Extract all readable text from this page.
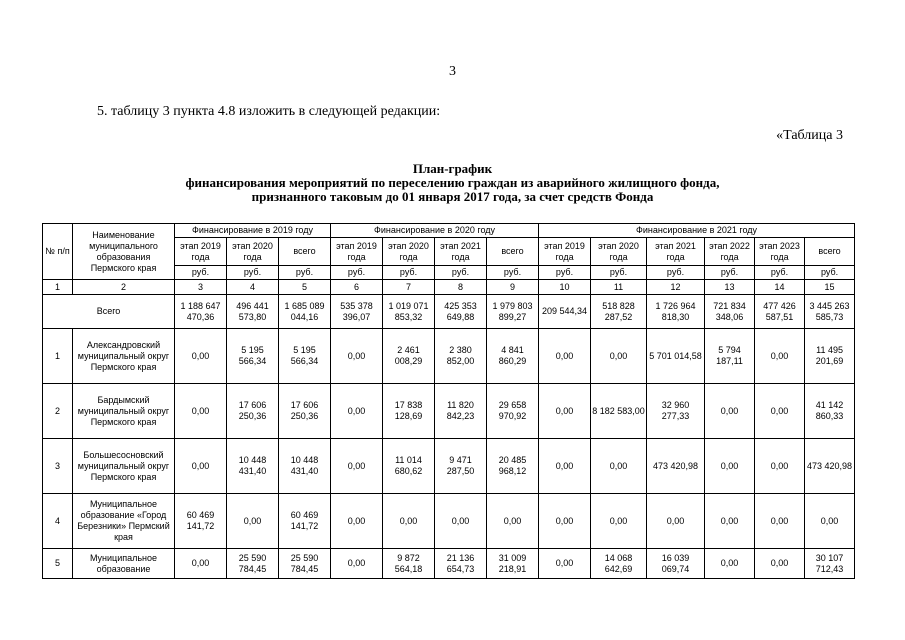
3
5. таблицу 3 пункта 4.8 изложить в следующей редакции:
«Таблица 3
План-график
финансирования мероприятий по переселению граждан из аварийного жилищного фонда,
признанного таковым до 01 января 2017 года, за счет средств Фонда
№ п/п	Наименование муниципального образования Пермского края	Финансирование в 2019 году			Финансирование в 2020 году				Финансирование в 2021 году					
		этап 2019 года	этап 2020 года	всего	этап 2019 года	этап 2020 года	этап 2021 года	всего	этап 2019 года	этап 2020 года	этап 2021 года	этап 2022 года	этап 2023 года	всего
		руб.	руб.	руб.	руб.	руб.	руб.	руб.	руб.	руб.	руб.	руб.	руб.	руб.
1	2	3	4	5	6	7	8	9	10	11	12	13	14	15
Всего		1 188 647 470,36	496 441 573,80	1 685 089 044,16	535 378 396,07	1 019 071 853,32	425 353 649,88	1 979 803 899,27	209 544,34	518 828 287,52	1 726 964 818,30	721 834 348,06	477 426 587,51	3 445 263 585,73
1	Александровский муниципальный округ Пермского края	0,00	5 195 566,34	5 195 566,34	0,00	2 461 008,29	2 380 852,00	4 841 860,29	0,00	0,00	5 701 014,58	5 794 187,11	0,00	11 495 201,69
2	Бардымский муниципальный округ Пермского края	0,00	17 606 250,36	17 606 250,36	0,00	17 838 128,69	11 820 842,23	29 658 970,92	0,00	8 182 583,00	32 960 277,33	0,00	0,00	41 142 860,33
3	Большесосновский муниципальный округ Пермского края	0,00	10 448 431,40	10 448 431,40	0,00	11 014 680,62	9 471 287,50	20 485 968,12	0,00	0,00	473 420,98	0,00	0,00	473 420,98
4	Муниципальное образование «Город Березники» Пермский края	60 469 141,72	0,00	60 469 141,72	0,00	0,00	0,00	0,00	0,00	0,00	0,00	0,00	0,00	0,00
5	Муниципальное образование	0,00	25 590 784,45	25 590 784,45	0,00	9 872 564,18	21 136 654,73	31 009 218,91	0,00	14 068 642,69	16 039 069,74	0,00	0,00	30 107 712,43
